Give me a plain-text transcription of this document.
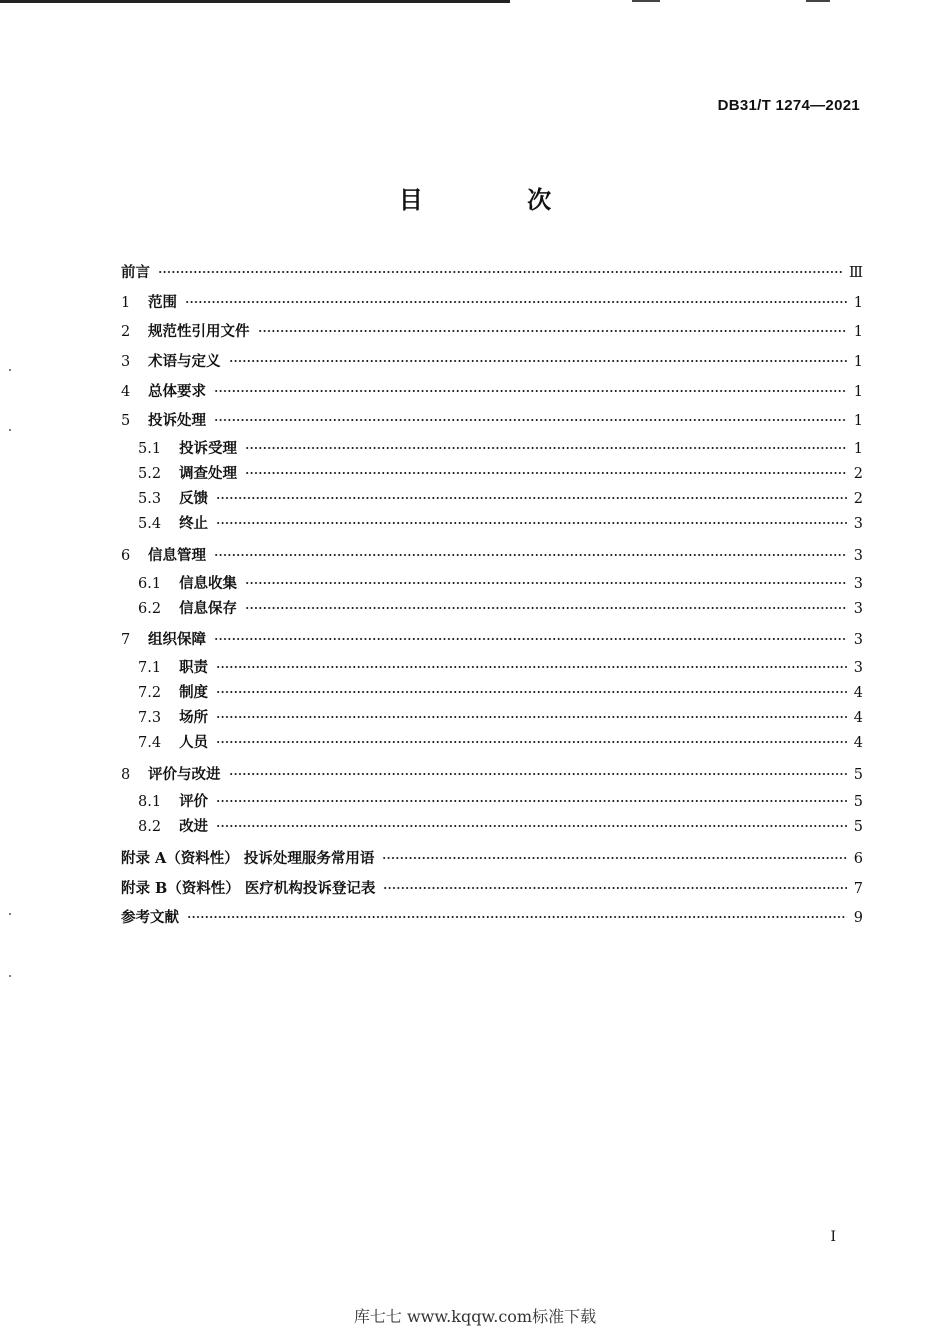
DB31/T 1274—2021
目 次
前言	Ⅲ
1	范围	1
2	规范性引用文件	1
3	术语与定义	1
4	总体要求	1
5	投诉处理	1
5.1 投诉受理	1
5.2 调查处理	2
5.3 反馈	2
5.4 终止	3
6	信息管理	3
6.1 信息收集	3
6.2 信息保存	3
7	组织保障	3
7.1 职责	3
7.2 制度	4
7.3 场所	4
7.4 人员	4
8	评价与改进	5
8.1 评价	5
8.2 改进	5
附录 A（资料性） 投诉处理服务常用语	6
附录 B（资料性） 医疗机构投诉登记表	7
参考文献	9
I
库七七 www.kqqw.com标准下载
